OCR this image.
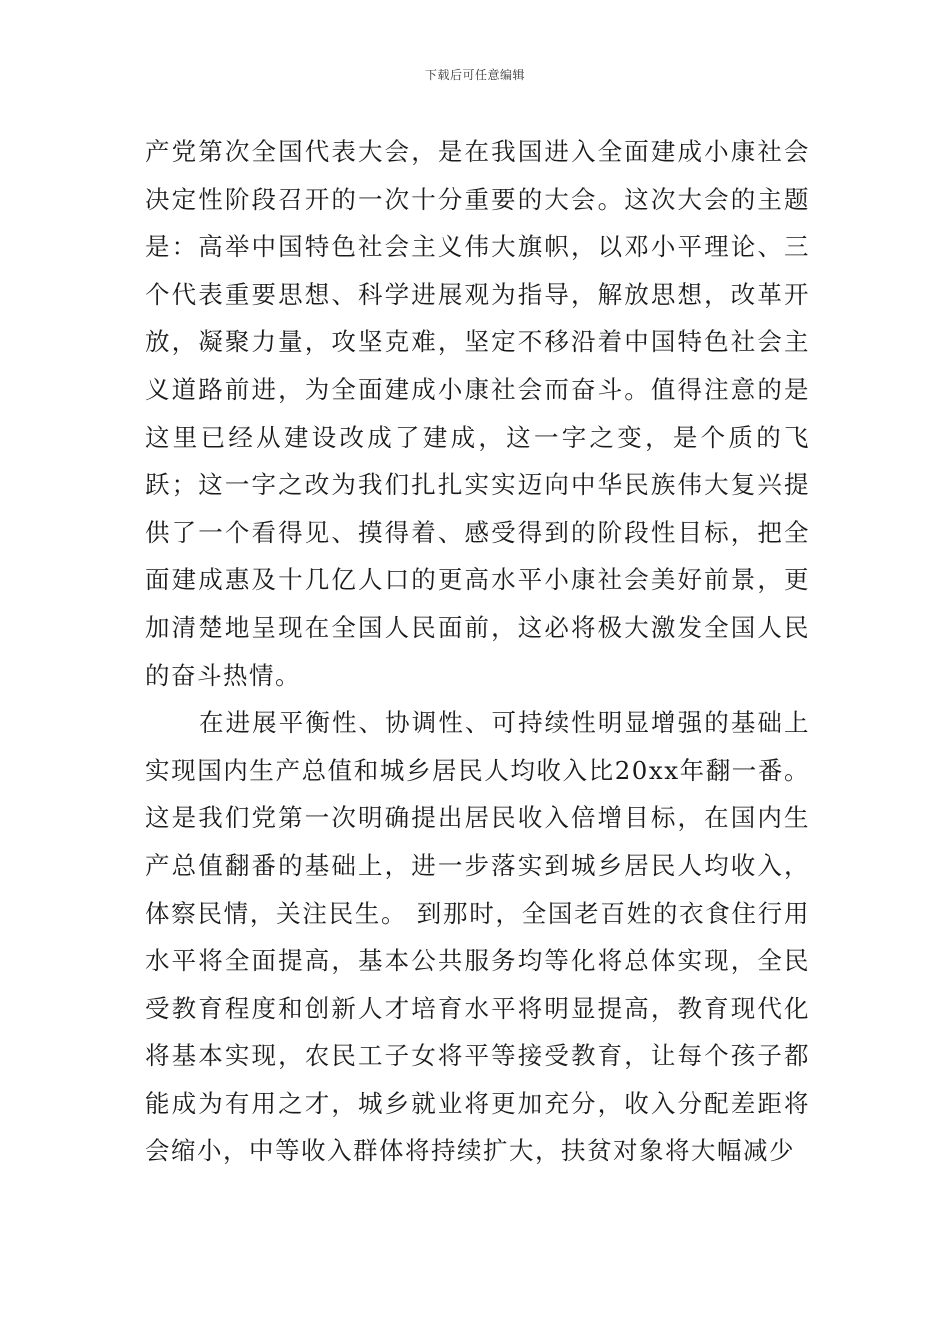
下载后可任意编辑

产党第次全国代表大会，是在我国进入全面建成小康社会决定性阶段召开的一次十分重要的大会。这次大会的主题是：高举中国特色社会主义伟大旗帜，以邓小平理论、三个代表重要思想、科学进展观为指导，解放思想，改革开放，凝聚力量，攻坚克难，坚定不移沿着中国特色社会主义道路前进，为全面建成小康社会而奋斗。值得注意的是这里已经从建设改成了建成，这一字之变，是个质的飞跃；这一字之改为我们扎扎实实迈向中华民族伟大复兴提供了一个看得见、摸得着、感受得到的阶段性目标，把全面建成惠及十几亿人口的更高水平小康社会美好前景，更加清楚地呈现在全国人民面前，这必将极大激发全国人民的奋斗热情。

在进展平衡性、协调性、可持续性明显增强的基础上实现国内生产总值和城乡居民人均收入比20xx年翻一番。这是我们党第一次明确提出居民收入倍增目标，在国内生产总值翻番的基础上，进一步落实到城乡居民人均收入，体察民情，关注民生。 到那时，全国老百姓的衣食住行用水平将全面提高，基本公共服务均等化将总体实现，全民受教育程度和创新人才培育水平将明显提高，教育现代化将基本实现，农民工子女将平等接受教育，让每个孩子都能成为有用之才，城乡就业将更加充分，收入分配差距将会缩小，中等收入群体将持续扩大，扶贫对象将大幅减少
